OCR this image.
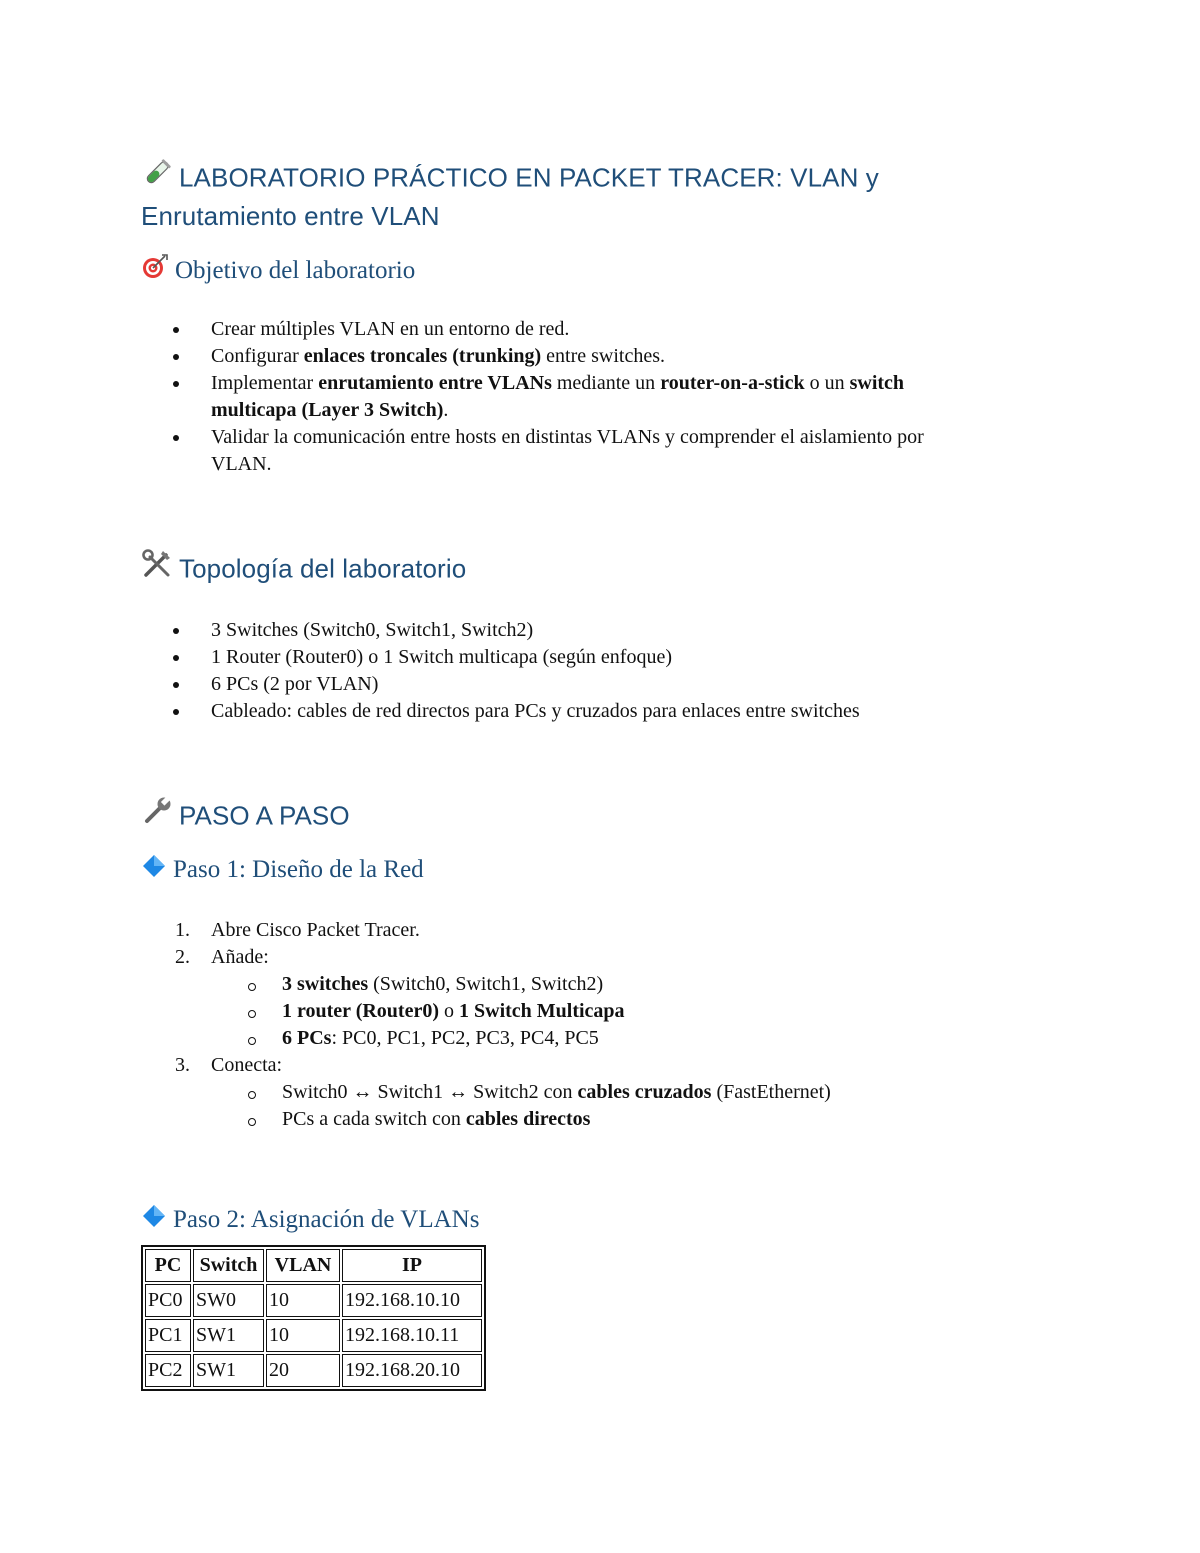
LABORATORIO PRÁCTICO EN PACKET TRACER: VLAN y
Enrutamiento entre VLAN
Objetivo del laboratorio
Crear múltiples VLAN en un entorno de red.
Configurar enlaces troncales (trunking) entre switches.
Implementar enrutamiento entre VLANs mediante un router-on-a-stick o un switch
multicapa (Layer 3 Switch).
Validar la comunicación entre hosts en distintas VLANs y comprender el aislamiento por
VLAN.
Topología del laboratorio
3 Switches (Switch0, Switch1, Switch2)
1 Router (Router0) o 1 Switch multicapa (según enfoque)
6 PCs (2 por VLAN)
Cableado: cables de red directos para PCs y cruzados para enlaces entre switches
PASO A PASO
Paso 1: Diseño de la Red
1.	Abre Cisco Packet Tracer.
2.	Añade:
3 switches (Switch0, Switch1, Switch2)
1 router (Router0) o 1 Switch Multicapa
6 PCs: PC0, PC1, PC2, PC3, PC4, PC5
3.	Conecta:
Switch0 ↔ Switch1 ↔ Switch2 con cables cruzados (FastEthernet)
PCs a cada switch con cables directos
Paso 2: Asignación de VLANs
PC	Switch	VLAN	IP
PC0	SW0	10	192.168.10.10
PC1	SW1	10	192.168.10.11
PC2	SW1	20	192.168.20.10
